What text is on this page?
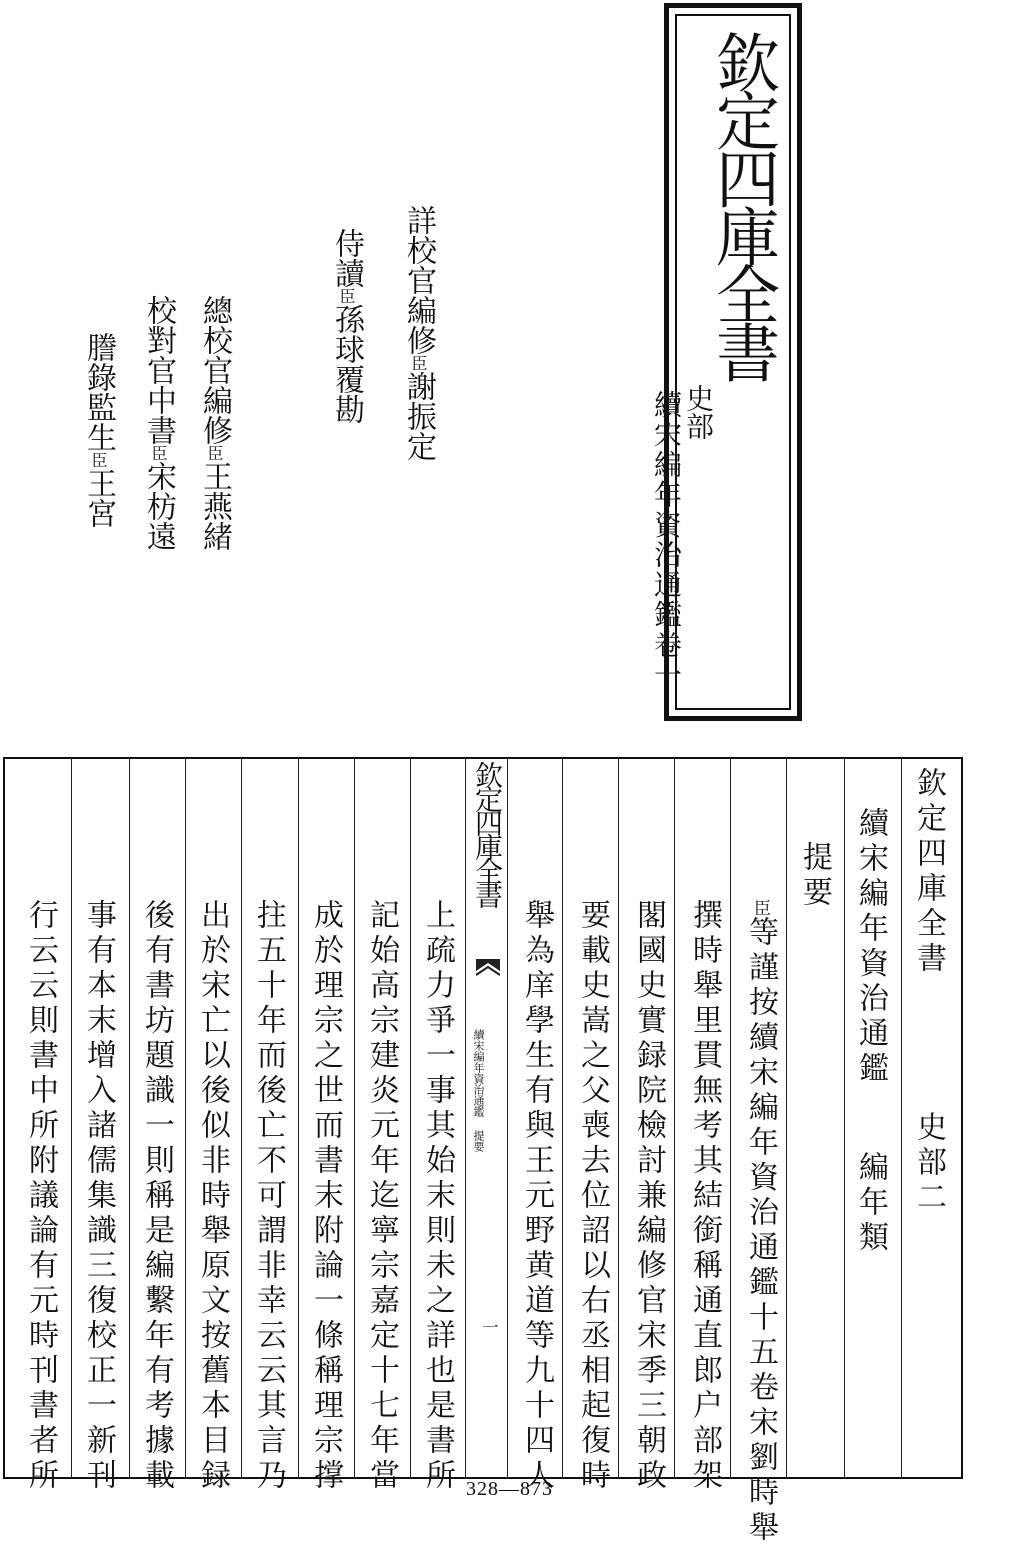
欽定四庫全書
史部
續宋編年資治通鑑卷一
詳校官編修臣謝振定
侍讀臣孫球覆勘
總校官編修臣王燕緒
校對官中書臣宋枋遠
謄錄監生臣王宮
欽定四庫全書
史部二
續宋編年資治通鑑
編年類
提要
臣等謹按續宋編年資治通鑑十五卷宋劉時舉
撰時舉里貫無考其結銜稱通直郎户部架
閣國史實録院檢討兼編修官宋季三朝政
要載史嵩之父喪去位詔以右丞相起復時
舉為庠學生有與王元野黄道等九十四人
欽定四庫全書
續宋編年資治通鑑 提要
一
上疏力爭一事其始末則未之詳也是書所
記始高宗建炎元年迄寧宗嘉定十七年當
成於理宗之世而書末附論一條稱理宗撑
拄五十年而後亡不可謂非幸云云其言乃
出於宋亡以後似非時舉原文按舊本目録
後有書坊題識一則稱是編繫年有考據載
事有本末增入諸儒集識三復校正一新刊
行云云則書中所附議論有元時刊書者所	328—873
